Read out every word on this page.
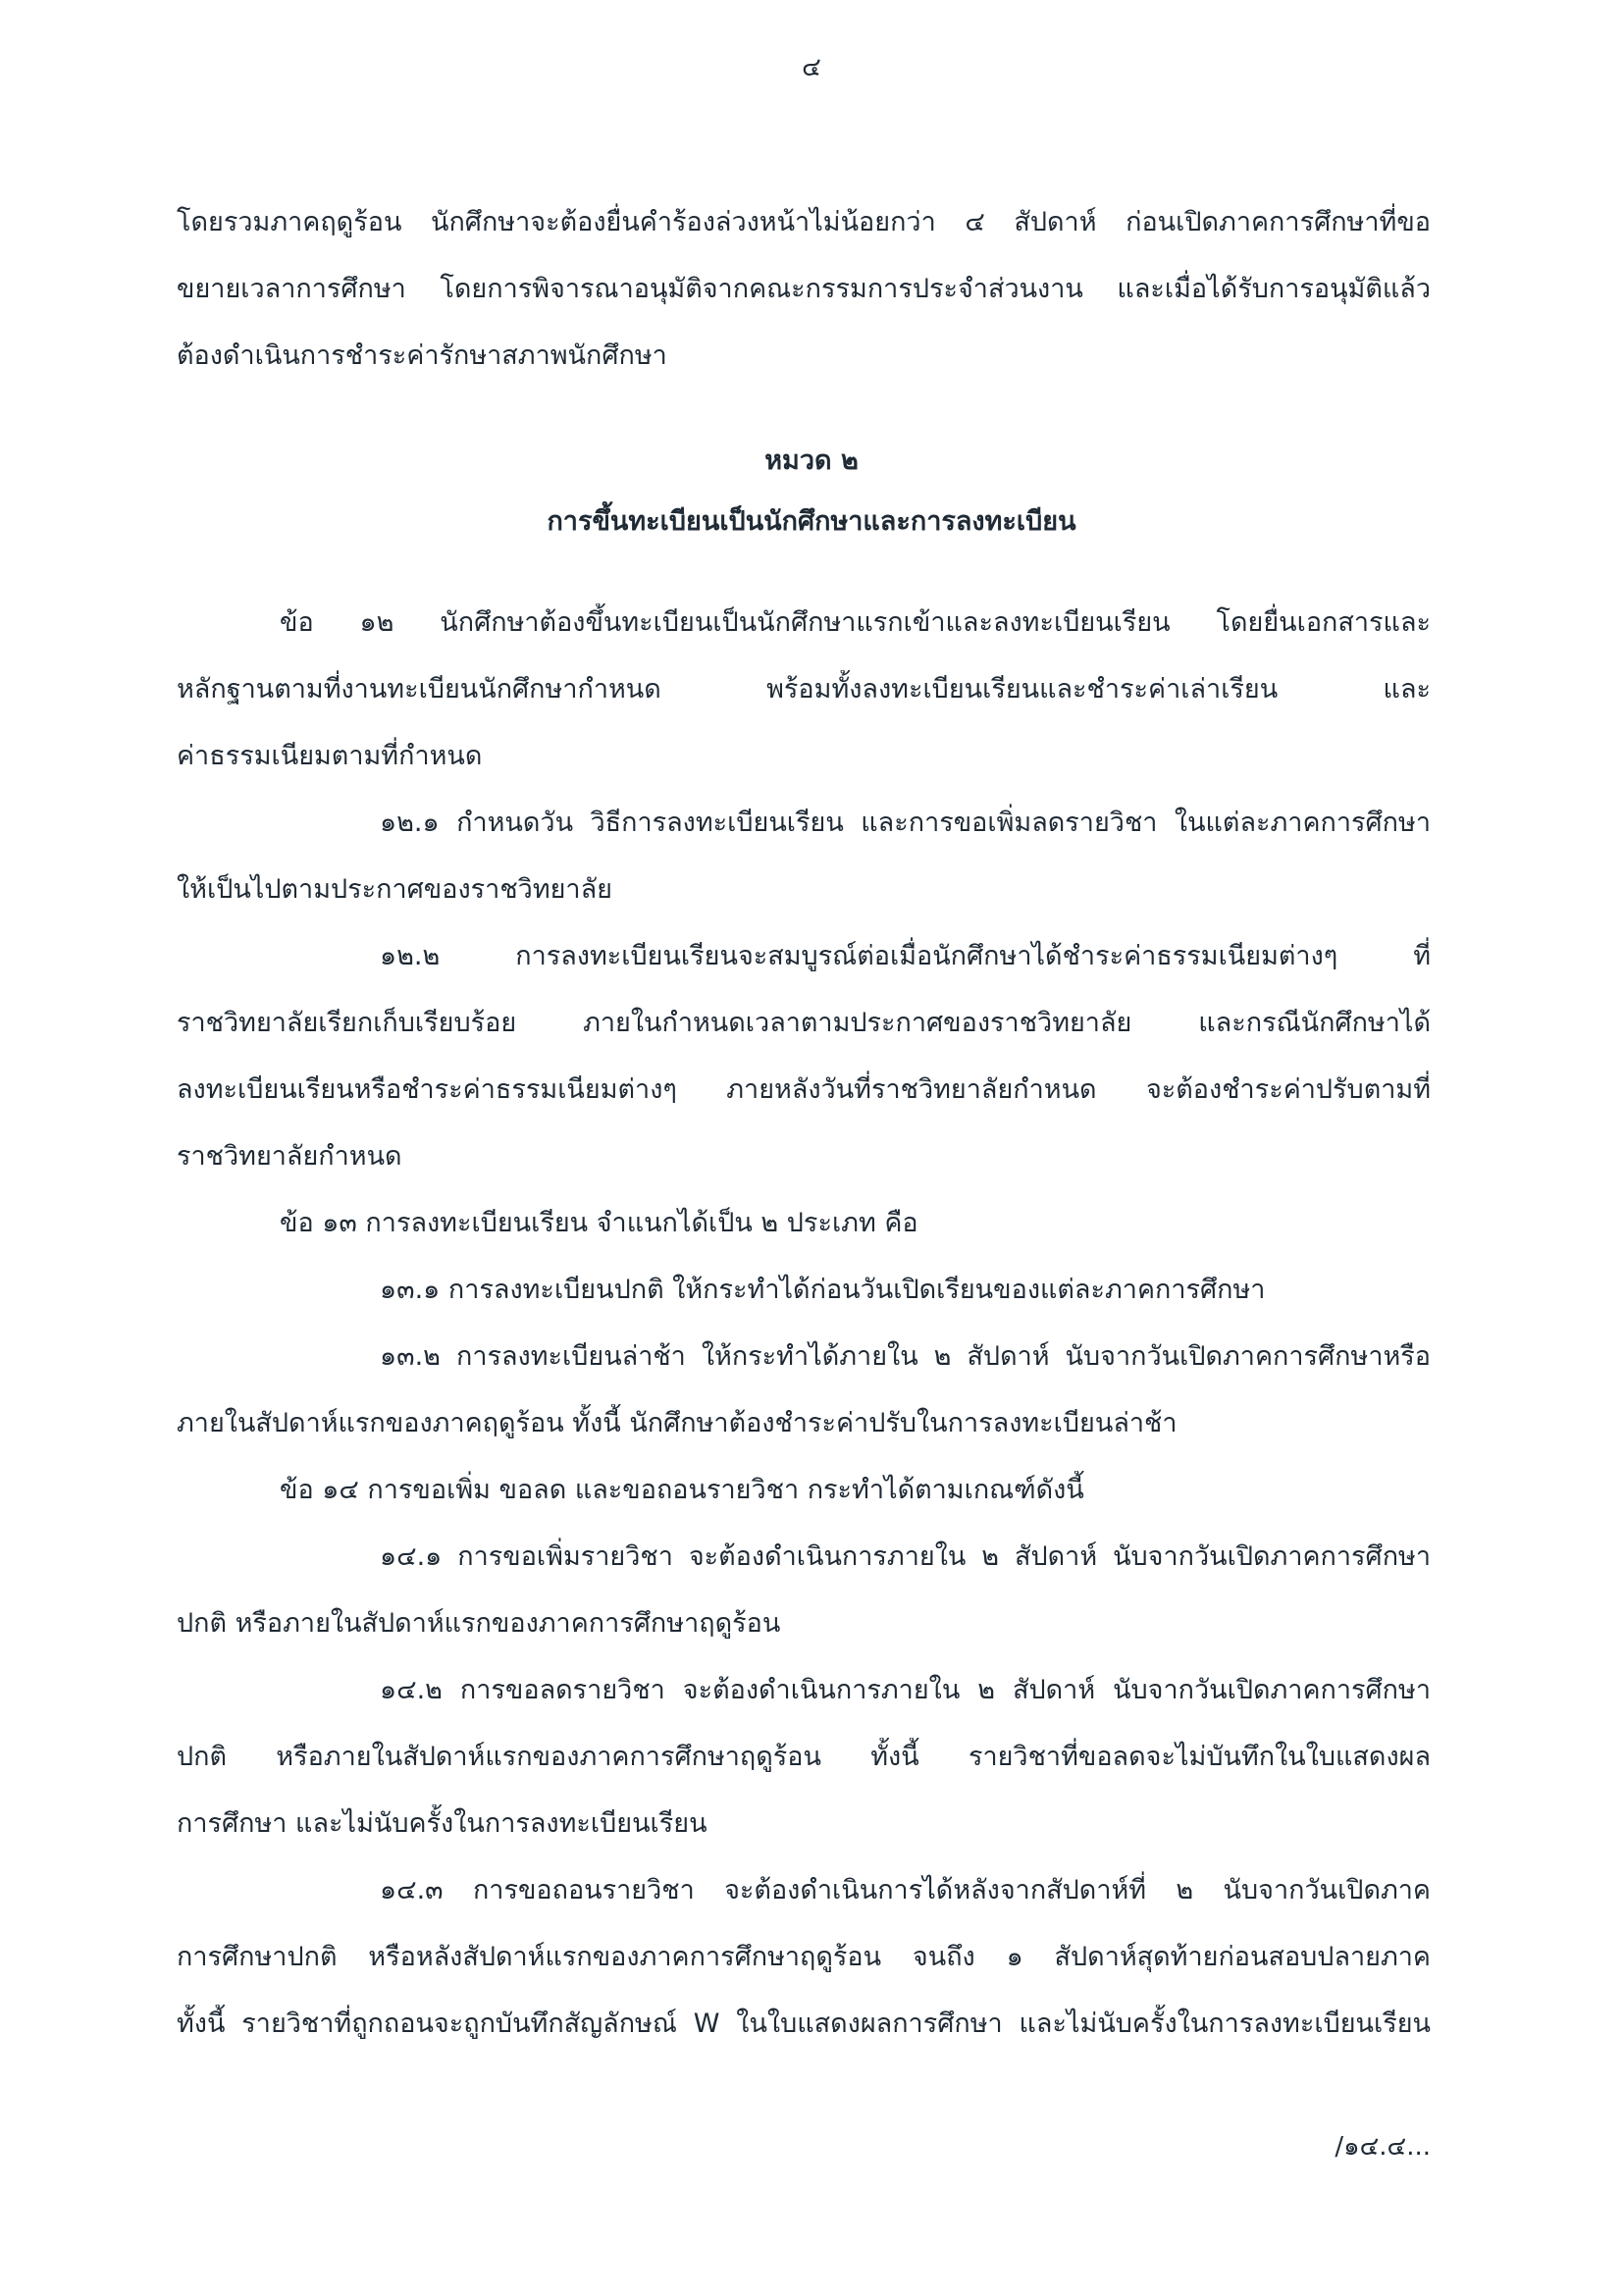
๔
โดยรวมภาคฤดูร้อน นักศึกษาจะต้องยื่นคำร้องล่วงหน้าไม่น้อยกว่า ๔ สัปดาห์ ก่อนเปิดภาคการศึกษาที่ขอ
ขยายเวลาการศึกษา โดยการพิจารณาอนุมัติจากคณะกรรมการประจำส่วนงาน และเมื่อได้รับการอนุมัติแล้ว
ต้องดำเนินการชำระค่ารักษาสภาพนักศึกษา
หมวด ๒
การขึ้นทะเบียนเป็นนักศึกษาและการลงทะเบียน
ข้อ ๑๒ นักศึกษาต้องขึ้นทะเบียนเป็นนักศึกษาแรกเข้าและลงทะเบียนเรียน โดยยื่นเอกสารและ
หลักฐานตามที่งานทะเบียนนักศึกษากำหนด พร้อมทั้งลงทะเบียนเรียนและชำระค่าเล่าเรียน และ
ค่าธรรมเนียมตามที่กำหนด
๑๒.๑ กำหนดวัน วิธีการลงทะเบียนเรียน และการขอเพิ่มลดรายวิชา ในแต่ละภาคการศึกษา
ให้เป็นไปตามประกาศของราชวิทยาลัย
๑๒.๒ การลงทะเบียนเรียนจะสมบูรณ์ต่อเมื่อนักศึกษาได้ชำระค่าธรรมเนียมต่างๆ ที่
ราชวิทยาลัยเรียกเก็บเรียบร้อย ภายในกำหนดเวลาตามประกาศของราชวิทยาลัย และกรณีนักศึกษาได้
ลงทะเบียนเรียนหรือชำระค่าธรรมเนียมต่างๆ ภายหลังวันที่ราชวิทยาลัยกำหนด จะต้องชำระค่าปรับตามที่
ราชวิทยาลัยกำหนด
ข้อ ๑๓ การลงทะเบียนเรียน จำแนกได้เป็น ๒ ประเภท คือ
๑๓.๑ การลงทะเบียนปกติ ให้กระทำได้ก่อนวันเปิดเรียนของแต่ละภาคการศึกษา
๑๓.๒ การลงทะเบียนล่าช้า ให้กระทำได้ภายใน ๒ สัปดาห์ นับจากวันเปิดภาคการศึกษาหรือ
ภายในสัปดาห์แรกของภาคฤดูร้อน ทั้งนี้ นักศึกษาต้องชำระค่าปรับในการลงทะเบียนล่าช้า
ข้อ ๑๔ การขอเพิ่ม ขอลด และขอถอนรายวิชา กระทำได้ตามเกณฑ์ดังนี้
๑๔.๑ การขอเพิ่มรายวิชา จะต้องดำเนินการภายใน ๒ สัปดาห์ นับจากวันเปิดภาคการศึกษา
ปกติ หรือภายในสัปดาห์แรกของภาคการศึกษาฤดูร้อน
๑๔.๒ การขอลดรายวิชา จะต้องดำเนินการภายใน ๒ สัปดาห์ นับจากวันเปิดภาคการศึกษา
ปกติ หรือภายในสัปดาห์แรกของภาคการศึกษาฤดูร้อน ทั้งนี้ รายวิชาที่ขอลดจะไม่บันทึกในใบแสดงผล
การศึกษา และไม่นับครั้งในการลงทะเบียนเรียน
๑๔.๓ การขอถอนรายวิชา จะต้องดำเนินการได้หลังจากสัปดาห์ที่ ๒ นับจากวันเปิดภาค
การศึกษาปกติ หรือหลังสัปดาห์แรกของภาคการศึกษาฤดูร้อน จนถึง ๑ สัปดาห์สุดท้ายก่อนสอบปลายภาค
ทั้งนี้ รายวิชาที่ถูกถอนจะถูกบันทึกสัญลักษณ์ W ในใบแสดงผลการศึกษา และไม่นับครั้งในการลงทะเบียนเรียน
/๑๔.๔...
